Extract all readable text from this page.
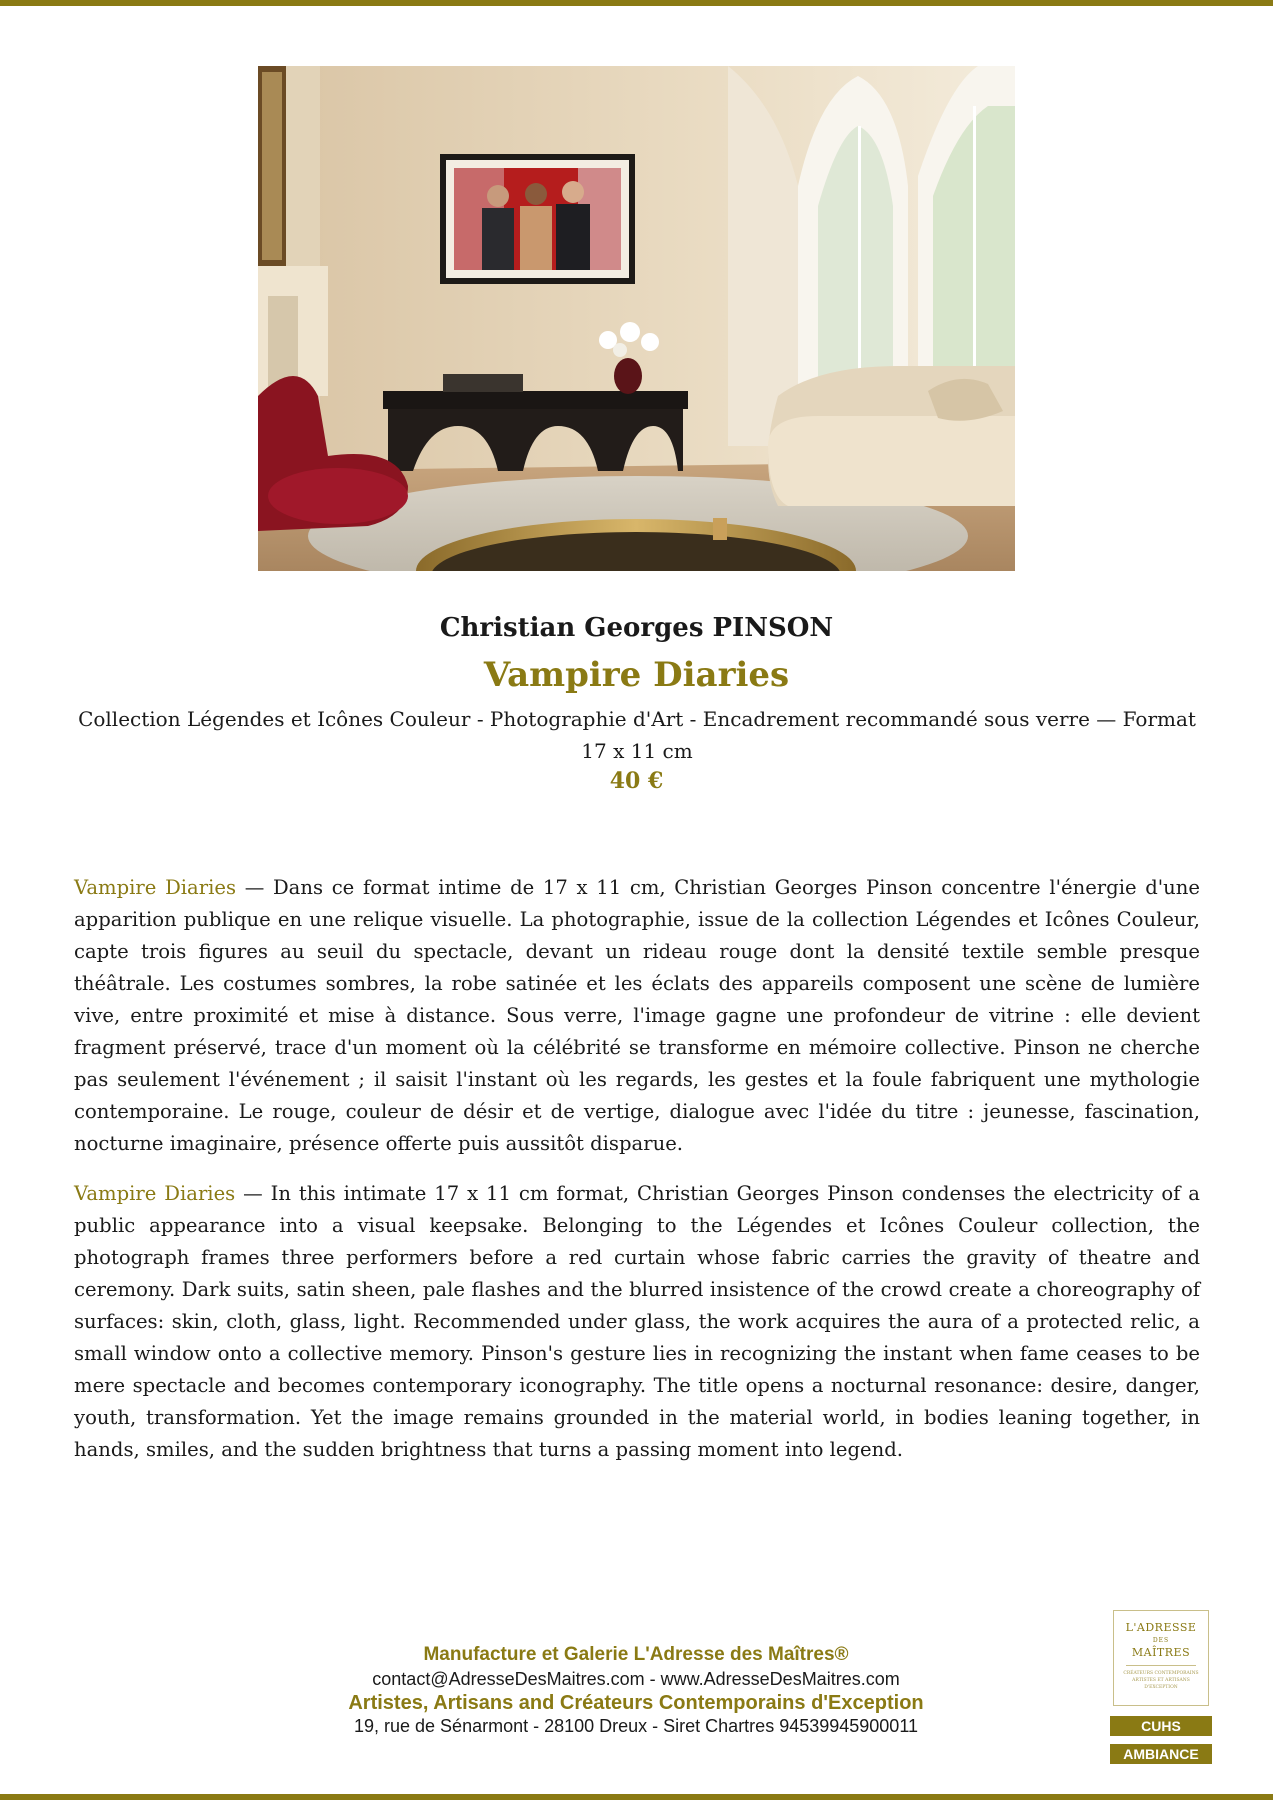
Christian Georges PINSON
Vampire Diaries
Collection Légendes et Icônes Couleur - Photographie d'Art - Encadrement recommandé sous verre — Format 17 x 11 cm
40 €

Vampire Diaries — Dans ce format intime de 17 x 11 cm, Christian Georges Pinson concentre l'énergie d'une apparition publique en une relique visuelle. La photographie, issue de la collection Légendes et Icônes Couleur, capte trois figures au seuil du spectacle, devant un rideau rouge dont la densité textile semble presque théâtrale. Les costumes sombres, la robe satinée et les éclats des appareils composent une scène de lumière vive, entre proximité et mise à distance. Sous verre, l'image gagne une profondeur de vitrine : elle devient fragment préservé, trace d'un moment où la célébrité se transforme en mémoire collective. Pinson ne cherche pas seulement l'événement ; il saisit l'instant où les regards, les gestes et la foule fabriquent une mythologie contemporaine. Le rouge, couleur de désir et de vertige, dialogue avec l'idée du titre : jeunesse, fascination, nocturne imaginaire, présence offerte puis aussitôt disparue.

Vampire Diaries — In this intimate 17 x 11 cm format, Christian Georges Pinson condenses the electricity of a public appearance into a visual keepsake. Belonging to the Légendes et Icônes Couleur collection, the photograph frames three performers before a red curtain whose fabric carries the gravity of theatre and ceremony. Dark suits, satin sheen, pale flashes and the blurred insistence of the crowd create a choreography of surfaces: skin, cloth, glass, light. Recommended under glass, the work acquires the aura of a protected relic, a small window onto a collective memory. Pinson's gesture lies in recognizing the instant when fame ceases to be mere spectacle and becomes contemporary iconography. The title opens a nocturnal resonance: desire, danger, youth, transformation. Yet the image remains grounded in the material world, in bodies leaning together, in hands, smiles, and the sudden brightness that turns a passing moment into legend.

Manufacture et Galerie L'Adresse des Maîtres®
contact@AdresseDesMaitres.com - www.AdresseDesMaitres.com
Artistes, Artisans and Créateurs Contemporains d'Exception
19, rue de Sénarmont - 28100 Dreux - Siret Chartres 94539945900011
L'ADRESSE
DES
MAÎTRES
CRÉATEURS CONTEMPORAINS ARTISTES ET ARTISANS D'EXCEPTION
CUHS
AMBIANCE
